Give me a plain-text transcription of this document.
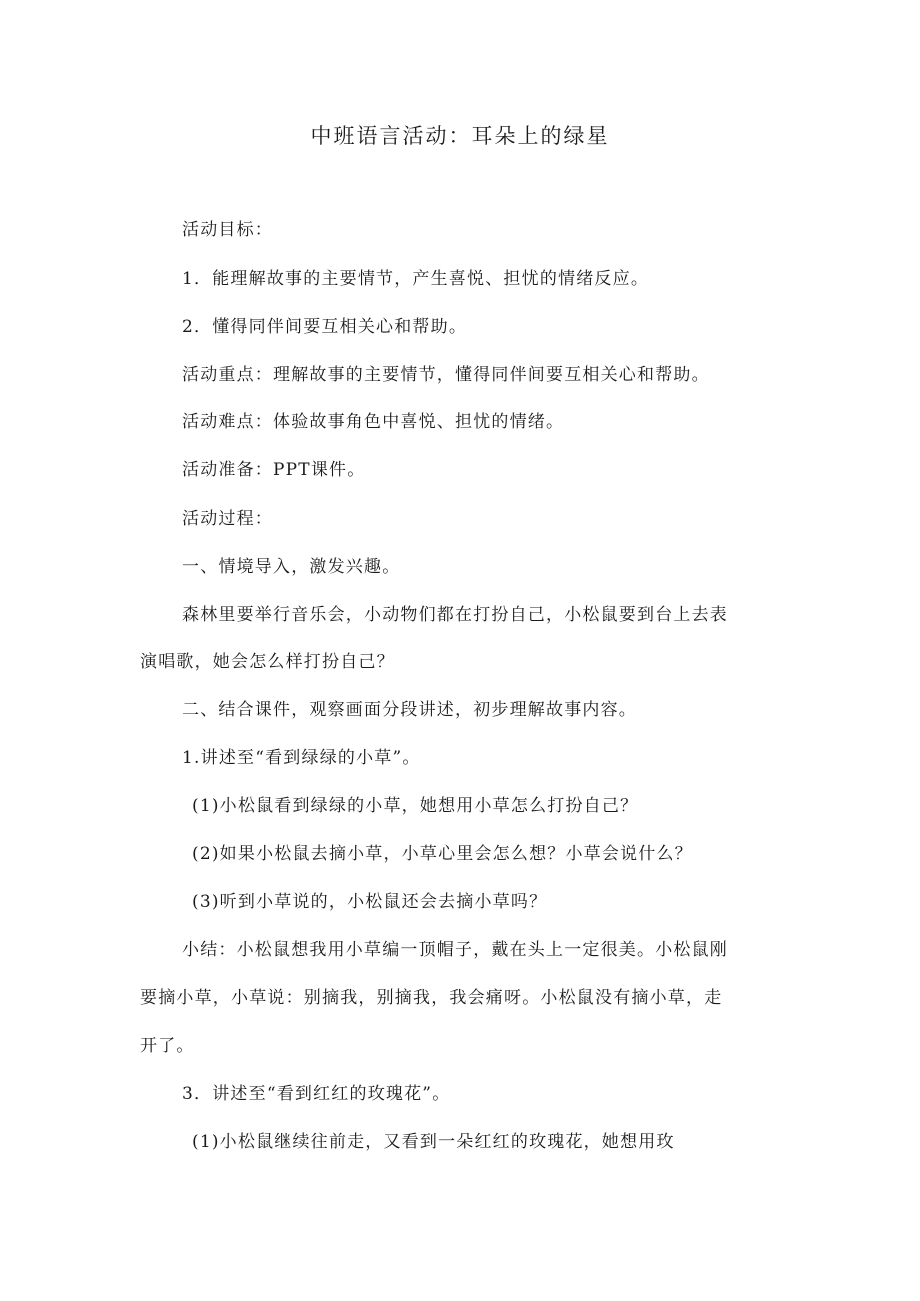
中班语言活动：耳朵上的绿星
活动目标：
1．能理解故事的主要情节，产生喜悦、担忧的情绪反应。
2．懂得同伴间要互相关心和帮助。
活动重点：理解故事的主要情节，懂得同伴间要互相关心和帮助。
活动难点：体验故事角色中喜悦、担忧的情绪。
活动准备：PPT课件。
活动过程：
一、情境导入，激发兴趣。
森林里要举行音乐会，小动物们都在打扮自己，小松鼠要到台上去表
演唱歌，她会怎么样打扮自己？
二、结合课件，观察画面分段讲述，初步理解故事内容。
1.讲述至“看到绿绿的小草”。
(1)小松鼠看到绿绿的小草，她想用小草怎么打扮自己？
(2)如果小松鼠去摘小草，小草心里会怎么想？小草会说什么？
(3)听到小草说的，小松鼠还会去摘小草吗？
小结：小松鼠想我用小草编一顶帽子，戴在头上一定很美。小松鼠刚
要摘小草，小草说：别摘我，别摘我，我会痛呀。小松鼠没有摘小草，走
开了。
3．讲述至“看到红红的玫瑰花”。
(1)小松鼠继续往前走，又看到一朵红红的玫瑰花，她想用玫
